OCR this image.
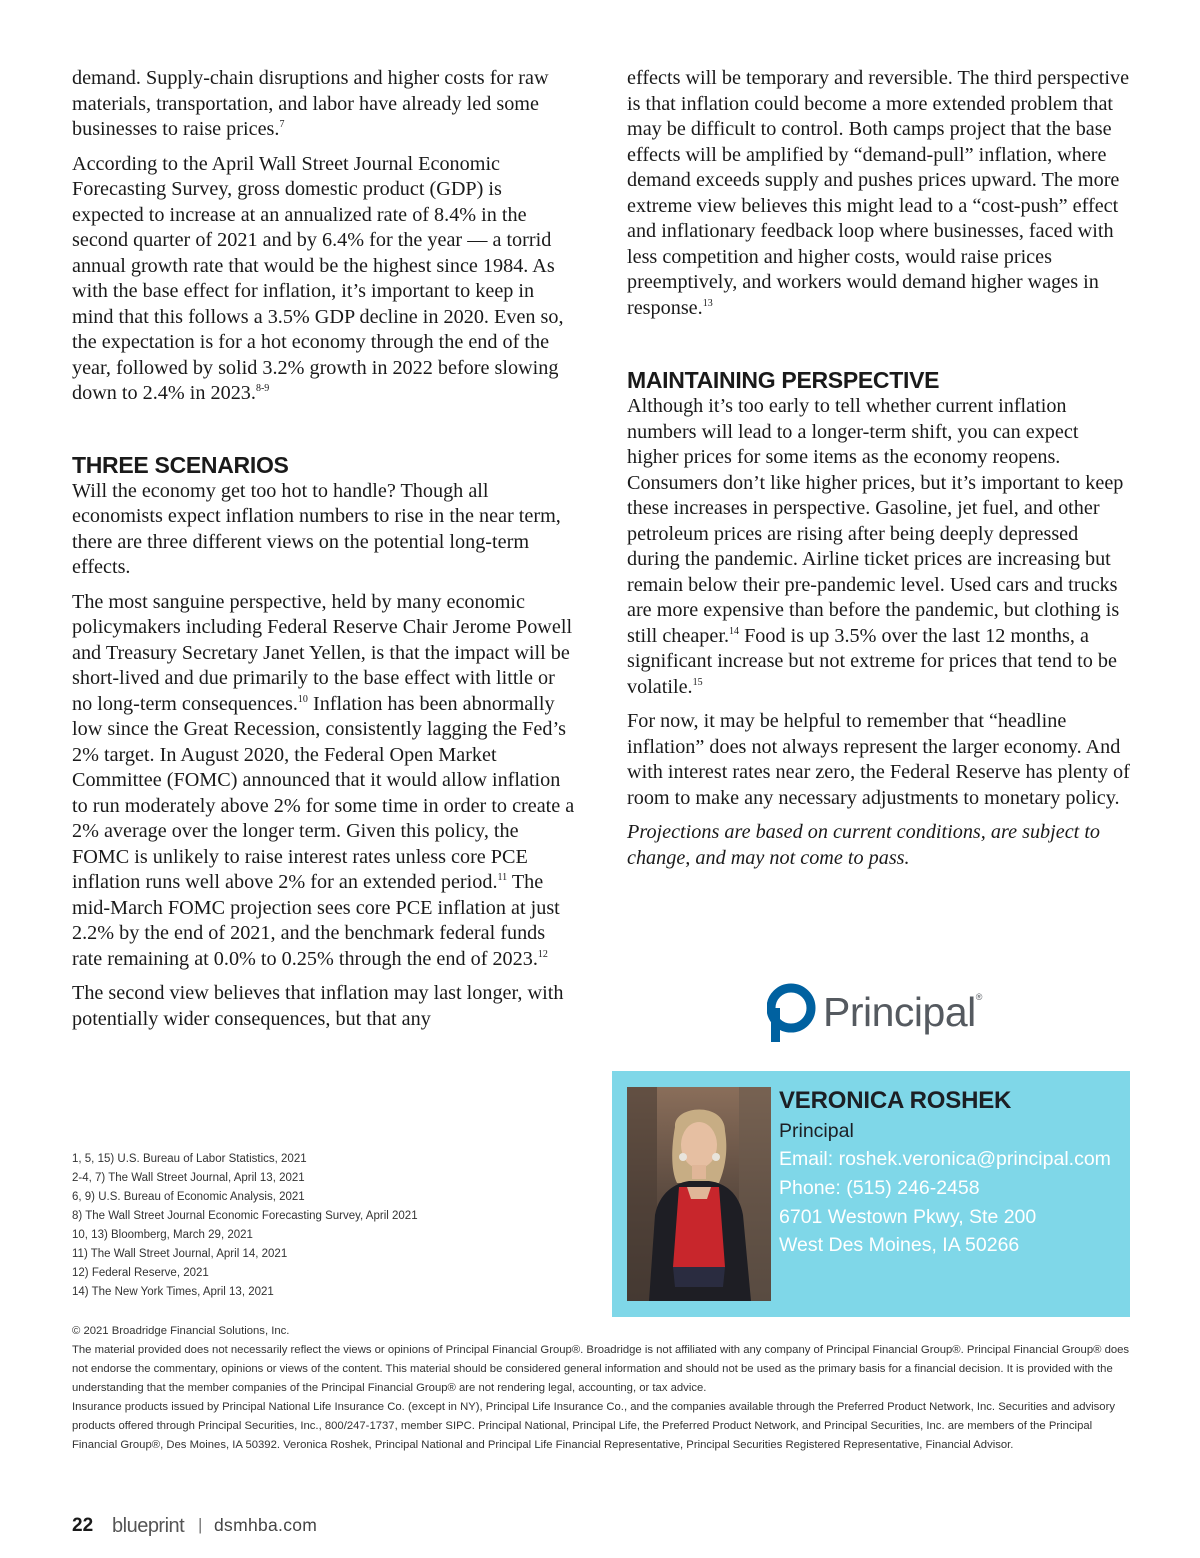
demand. Supply-chain disruptions and higher costs for raw materials, transportation, and labor have already led some businesses to raise prices.$^7$

According to the April Wall Street Journal Economic Forecasting Survey, gross domestic product (GDP) is expected to increase at an annualized rate of 8.4% in the second quarter of 2021 and by 6.4% for the year — a torrid annual growth rate that would be the highest since 1984. As with the base effect for inflation, it’s important to keep in mind that this follows a 3.5% GDP decline in 2020. Even so, the expectation is for a hot economy through the end of the year, followed by solid 3.2% growth in 2022 before slowing down to 2.4% in 2023.$^{8-9}$

THREE SCENARIOS

Will the economy get too hot to handle? Though all economists expect inflation numbers to rise in the near term, there are three different views on the potential long-term effects.

The most sanguine perspective, held by many economic policymakers including Federal Reserve Chair Jerome Powell and Treasury Secretary Janet Yellen, is that the impact will be short-lived and due primarily to the base effect with little or no long-term consequences.$^{10}$ Inflation has been abnormally low since the Great Recession, consistently lagging the Fed’s 2% target. In August 2020, the Federal Open Market Committee (FOMC) announced that it would allow inflation to run moderately above 2% for some time in order to create a 2% average over the longer term. Given this policy, the FOMC is unlikely to raise interest rates unless core PCE inflation runs well above 2% for an extended period.$^{11}$ The mid-March FOMC projection sees core PCE inflation at just 2.2% by the end of 2021, and the benchmark federal funds rate remaining at 0.0% to 0.25% through the end of 2023.12

The second view believes that inflation may last longer, with potentially wider consequences, but that any

effects will be temporary and reversible. The third perspective is that inflation could become a more extended problem that may be difficult to control. Both camps project that the base effects will be amplified by “demand-pull” inflation, where demand exceeds supply and pushes prices upward. The more extreme view believes this might lead to a “cost-push” effect and inflationary feedback loop where businesses, faced with less competition and higher costs, would raise prices preemptively, and workers would demand higher wages in response.$^{13}$

MAINTAINING PERSPECTIVE

Although it’s too early to tell whether current inflation numbers will lead to a longer-term shift, you can expect higher prices for some items as the economy reopens. Consumers don’t like higher prices, but it’s important to keep these increases in perspective. Gasoline, jet fuel, and other petroleum prices are rising after being deeply depressed during the pandemic. Airline ticket prices are increasing but remain below their pre-pandemic level. Used cars and trucks are more expensive than before the pandemic, but clothing is still cheaper.$^{14}$ Food is up 3.5% over the last 12 months, a significant increase but not extreme for prices that tend to be volatile.$^{15}$

For now, it may be helpful to remember that “headline inflation” does not always represent the larger economy. And with interest rates near zero, the Federal Reserve has plenty of room to make any necessary adjustments to monetary policy.

Projections are based on current conditions, are subject to change, and may not come to pass.

Principal®
VERONICA ROSHEK
Principal
Email: roshek.veronica@principal.com
Phone: (515) 246-2458
6701 Westown Pkwy, Ste 200
West Des Moines, IA 50266
1, 5, 15) U.S. Bureau of Labor Statistics, 2021
2-4, 7) The Wall Street Journal, April 13, 2021
6, 9) U.S. Bureau of Economic Analysis, 2021
8) The Wall Street Journal Economic Forecasting Survey, April 2021
10, 13) Bloomberg, March 29, 2021
11) The Wall Street Journal, April 14, 2021
12) Federal Reserve, 2021
14) The New York Times, April 13, 2021

© 2021 Broadridge Financial Solutions, Inc.

The material provided does not necessarily reflect the views or opinions of Principal Financial Group®. Broadridge is not affiliated with any company of Principal Financial Group®. Principal Financial Group® does not endorse the commentary, opinions or views of the content. This material should be considered general information and should not be used as the primary basis for a financial decision. It is provided with the understanding that the member companies of the Principal Financial Group® are not rendering legal, accounting, or tax advice.

Insurance products issued by Principal National Life Insurance Co. (except in NY), Principal Life Insurance Co., and the companies available through the Preferred Product Network, Inc. Securities and advisory products offered through Principal Securities, Inc., 800/247-1737, member SIPC. Principal National, Principal Life, the Preferred Product Network, and Principal Securities, Inc. are members of the Principal Financial Group®, Des Moines, IA 50392. Veronica Roshek, Principal National and Principal Life Financial Representative, Principal Securities Registered Representative, Financial Advisor.

22 blueprint | dsmhba.com
